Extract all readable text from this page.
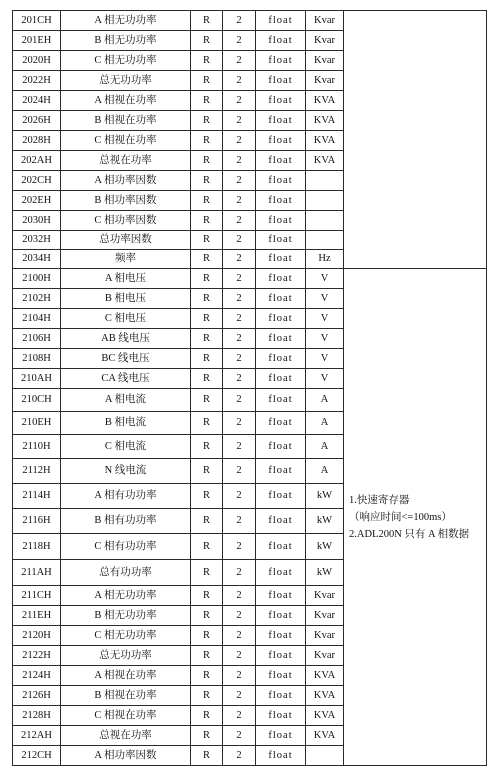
201CH	A 相无功功率	R	2	float	Kvar	
201EH	B 相无功功率	R	2	float	Kvar	
2020H	C 相无功功率	R	2	float	Kvar	
2022H	总无功功率	R	2	float	Kvar	
2024H	A 相视在功率	R	2	float	KVA	
2026H	B 相视在功率	R	2	float	KVA	
2028H	C 相视在功率	R	2	float	KVA	
202AH	总视在功率	R	2	float	KVA	
202CH	A 相功率因数	R	2	float		
202EH	B 相功率因数	R	2	float		
2030H	C 相功率因数	R	2	float		
2032H	总功率因数	R	2	float		
2034H	频率	R	2	float	Hz	
2100H	A 相电压	R	2	float	V	1.快速寄存器
（响应时间<=100ms）
2.ADL200N 只有 A 相数据

2102H	B 相电压	R	2	float	V	
2104H	C 相电压	R	2	float	V	
2106H	AB 线电压	R	2	float	V	
2108H	BC 线电压	R	2	float	V	
210AH	CA 线电压	R	2	float	V	
210CH	A 相电流	R	2	float	A	
210EH	B 相电流	R	2	float	A	
2110H	C 相电流	R	2	float	A	
2112H	N 线电流	R	2	float	A	
2114H	A 相有功功率	R	2	float	kW	
2116H	B 相有功功率	R	2	float	kW	
2118H	C 相有功功率	R	2	float	kW	
211AH	总有功功率	R	2	float	kW	
211CH	A 相无功功率	R	2	float	Kvar	
211EH	B 相无功功率	R	2	float	Kvar	
2120H	C 相无功功率	R	2	float	Kvar	
2122H	总无功功率	R	2	float	Kvar	
2124H	A 相视在功率	R	2	float	KVA	
2126H	B 相视在功率	R	2	float	KVA	
2128H	C 相视在功率	R	2	float	KVA	
212AH	总视在功率	R	2	float	KVA	
212CH	A 相功率因数	R	2	float		
